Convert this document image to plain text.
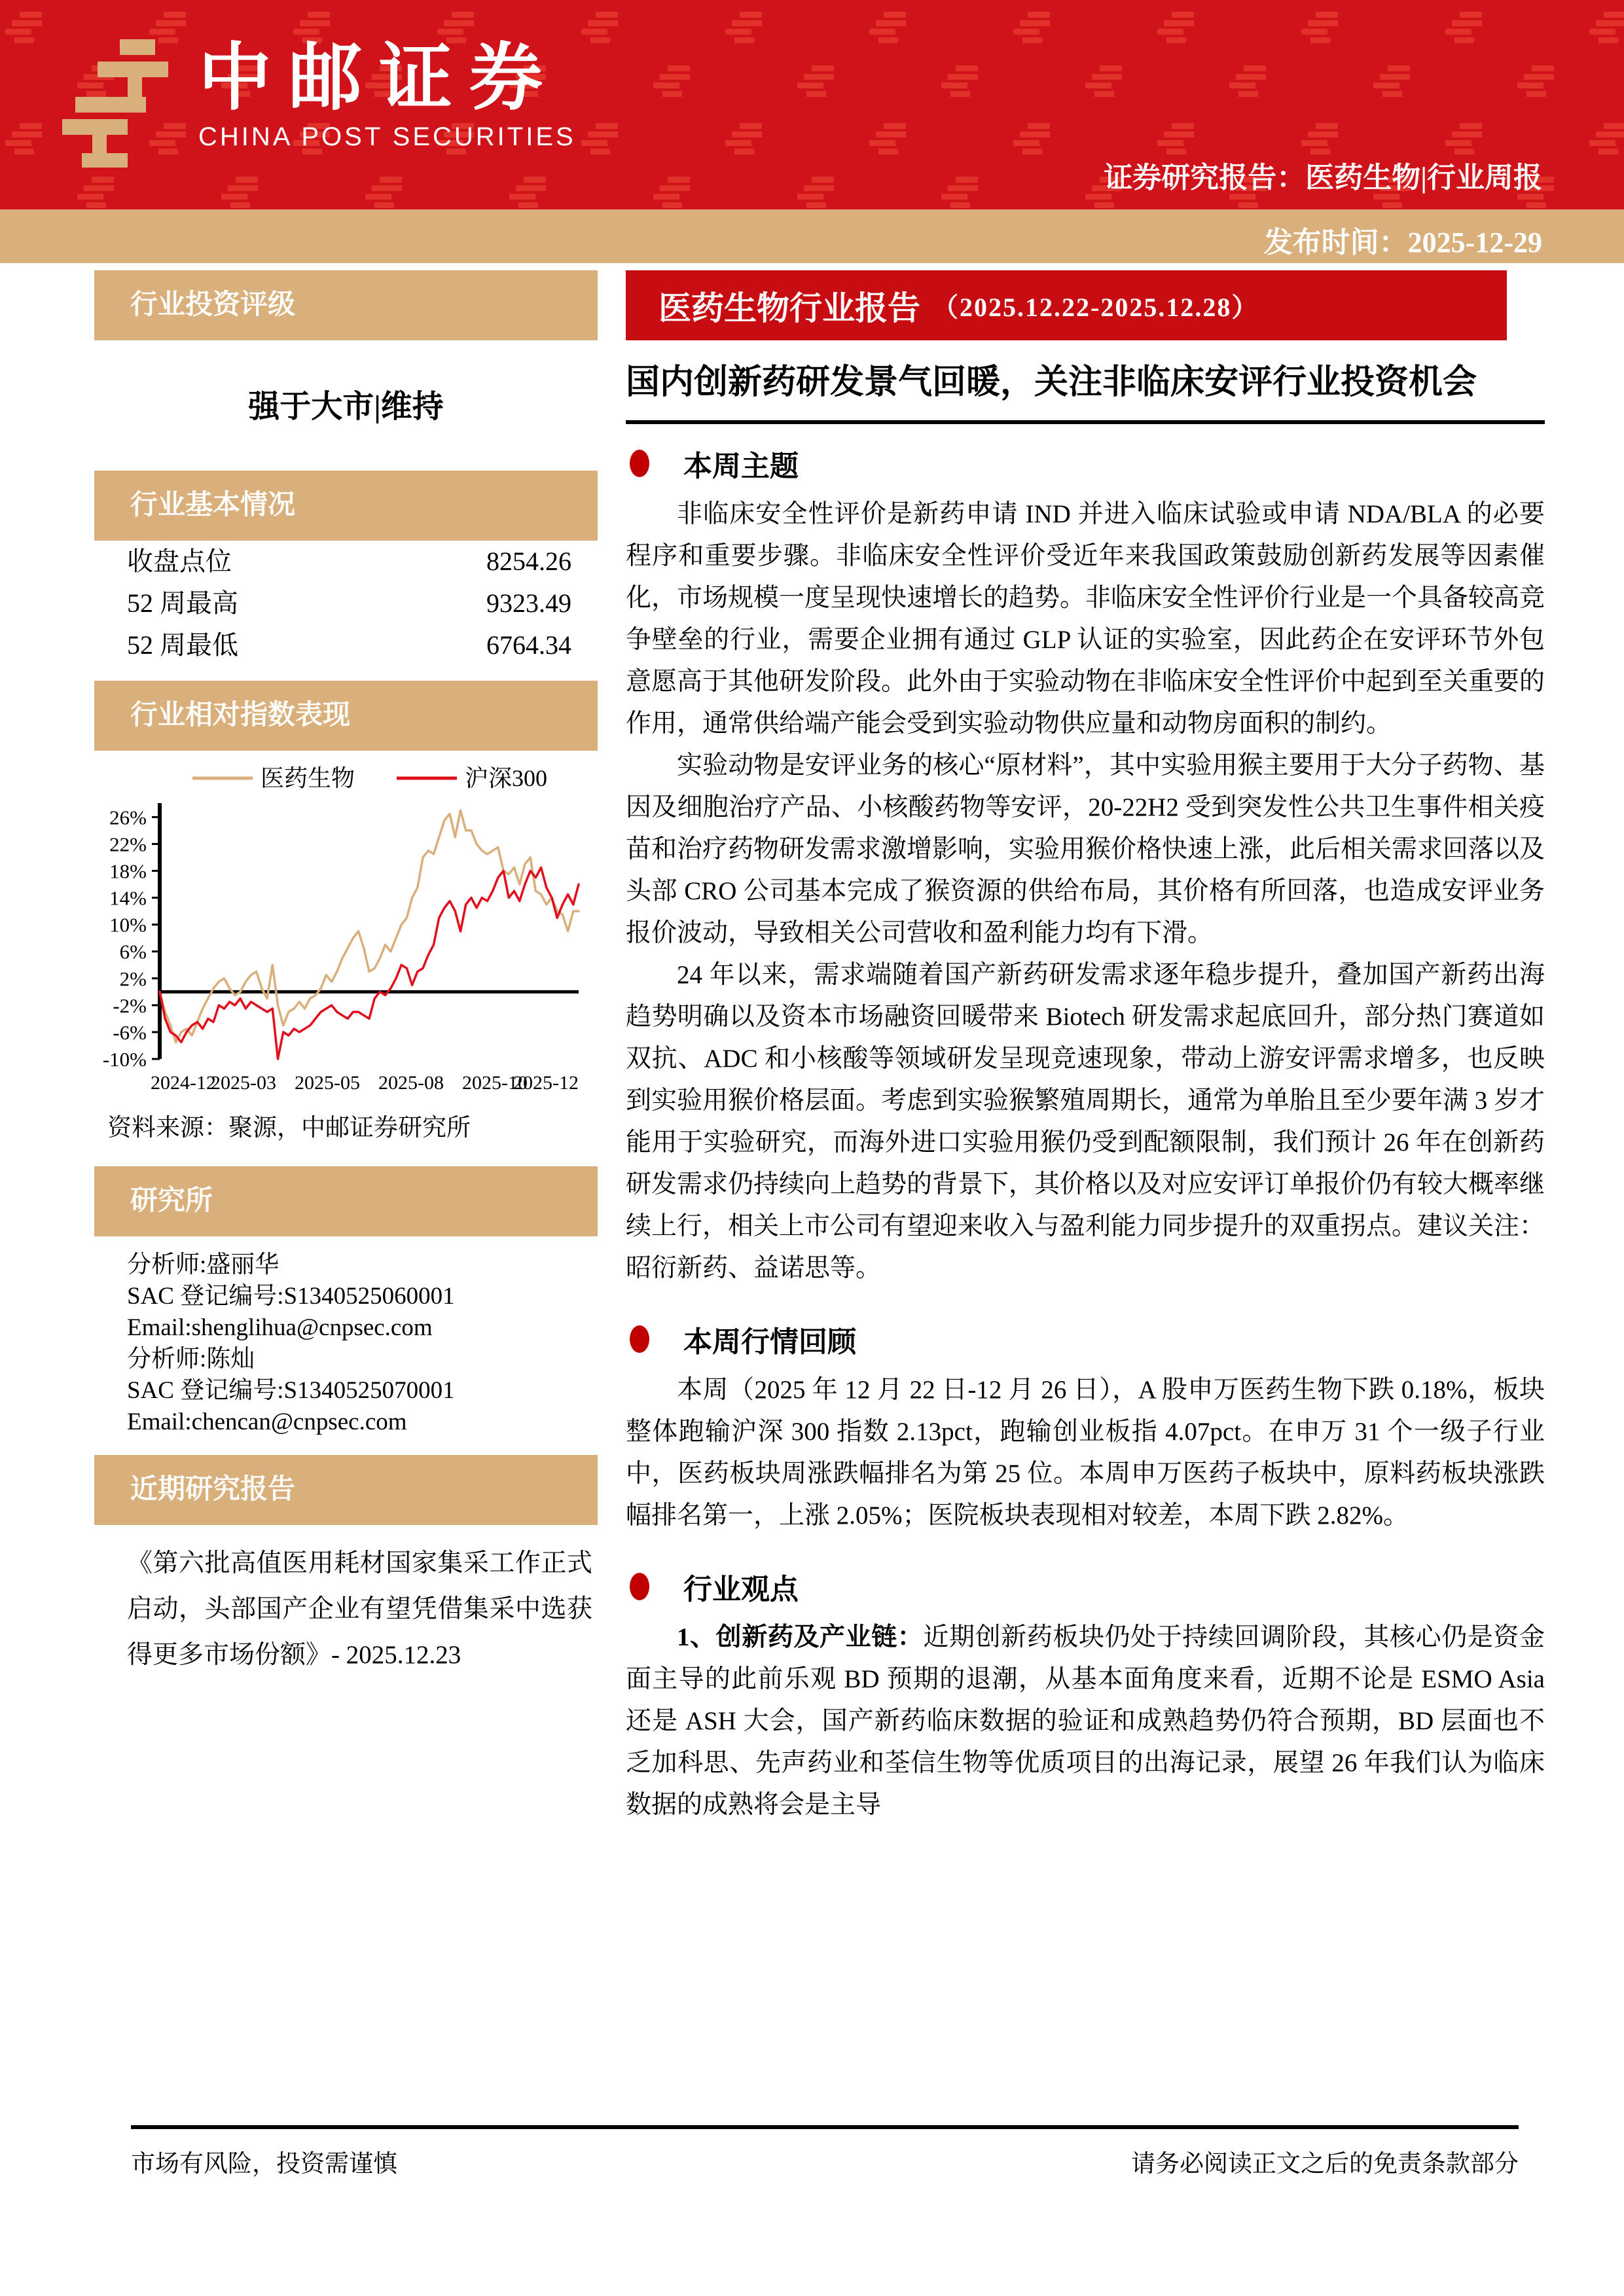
中邮证券
CHINA POST SECURITIES
证券研究报告：医药生物|行业周报
发布时间：2025-12-29
行业投资评级
强于大市|维持
行业基本情况
收盘点位	8254.26
52 周最高	9323.49
52 周最低	6764.34
行业相对指数表现
医药生物	沪深300
26%
22%
18%
14%
10%
6%
2%
-2%
-6%
-10%
2024-12
2025-03 2025-05 2025-08 2025-10
2025-12
资料来源：聚源，中邮证券研究所
研究所
分析师:盛丽华
SAC 登记编号:S1340525060001
Email:shenglihua@cnpsec.com
分析师:陈灿
SAC 登记编号:S1340525070001
Email:chencan@cnpsec.com
近期研究报告
《第六批高值医用耗材国家集采工作正式启动，头部国产企业有望凭借集采中选获得更多市场份额》- 2025.12.23
医药生物行业报告 （2025.12.22-2025.12.28）
国内创新药研发景气回暖，关注非临床安评行业投资机会
本周主题

非临床安全性评价是新药申请 IND 并进入临床试验或申请 NDA/BLA 的必要程序和重要步骤。非临床安全性评价受近年来我国政策鼓励创新药发展等因素催化，市场规模一度呈现快速增长的趋势。非临床安全性评价行业是一个具备较高竞争壁垒的行业，需要企业拥有通过 GLP 认证的实验室，因此药企在安评环节外包意愿高于其他研发阶段。此外由于实验动物在非临床安全性评价中起到至关重要的作用，通常供给端产能会受到实验动物供应量和动物房面积的制约。

实验动物是安评业务的核心“原材料”，其中实验用猴主要用于大分子药物、基因及细胞治疗产品、小核酸药物等安评，20-22H2 受到突发性公共卫生事件相关疫苗和治疗药物研发需求激增影响，实验用猴价格快速上涨，此后相关需求回落以及头部 CRO 公司基本完成了猴资源的供给布局，其价格有所回落，也造成安评业务报价波动，导致相关公司营收和盈利能力均有下滑。

24 年以来，需求端随着国产新药研发需求逐年稳步提升，叠加国产新药出海趋势明确以及资本市场融资回暖带来 Biotech 研发需求起底回升，部分热门赛道如双抗、ADC 和小核酸等领域研发呈现竞速现象，带动上游安评需求增多，也反映到实验用猴价格层面。考虑到实验猴繁殖周期长，通常为单胎且至少要年满 3 岁才能用于实验研究，而海外进口实验用猴仍受到配额限制，我们预计 26 年在创新药研发需求仍持续向上趋势的背景下，其价格以及对应安评订单报价仍有较大概率继续上行，相关上市公司有望迎来收入与盈利能力同步提升的双重拐点。建议关注：昭衍新药、益诺思等。

本周行情回顾

本周（2025 年 12 月 22 日-12 月 26 日），A 股申万医药生物下跌 0.18%，板块整体跑输沪深 300 指数 2.13pct，跑输创业板指 4.07pct。在申万 31 个一级子行业中，医药板块周涨跌幅排名为第 25 位。本周申万医药子板块中，原料药板块涨跌幅排名第一，上涨 2.05%；医院板块表现相对较差，本周下跌 2.82%。

行业观点

1、创新药及产业链：近期创新药板块仍处于持续回调阶段，其核心仍是资金面主导的此前乐观 BD 预期的退潮，从基本面角度来看，近期不论是 ESMO Asia 还是 ASH 大会，国产新药临床数据的验证和成熟趋势仍符合预期，BD 层面也不乏加科思、先声药业和荃信生物等优质项目的出海记录，展望 26 年我们认为临床数据的成熟将会是主导

市场有风险，投资需谨慎	请务必阅读正文之后的免责条款部分
